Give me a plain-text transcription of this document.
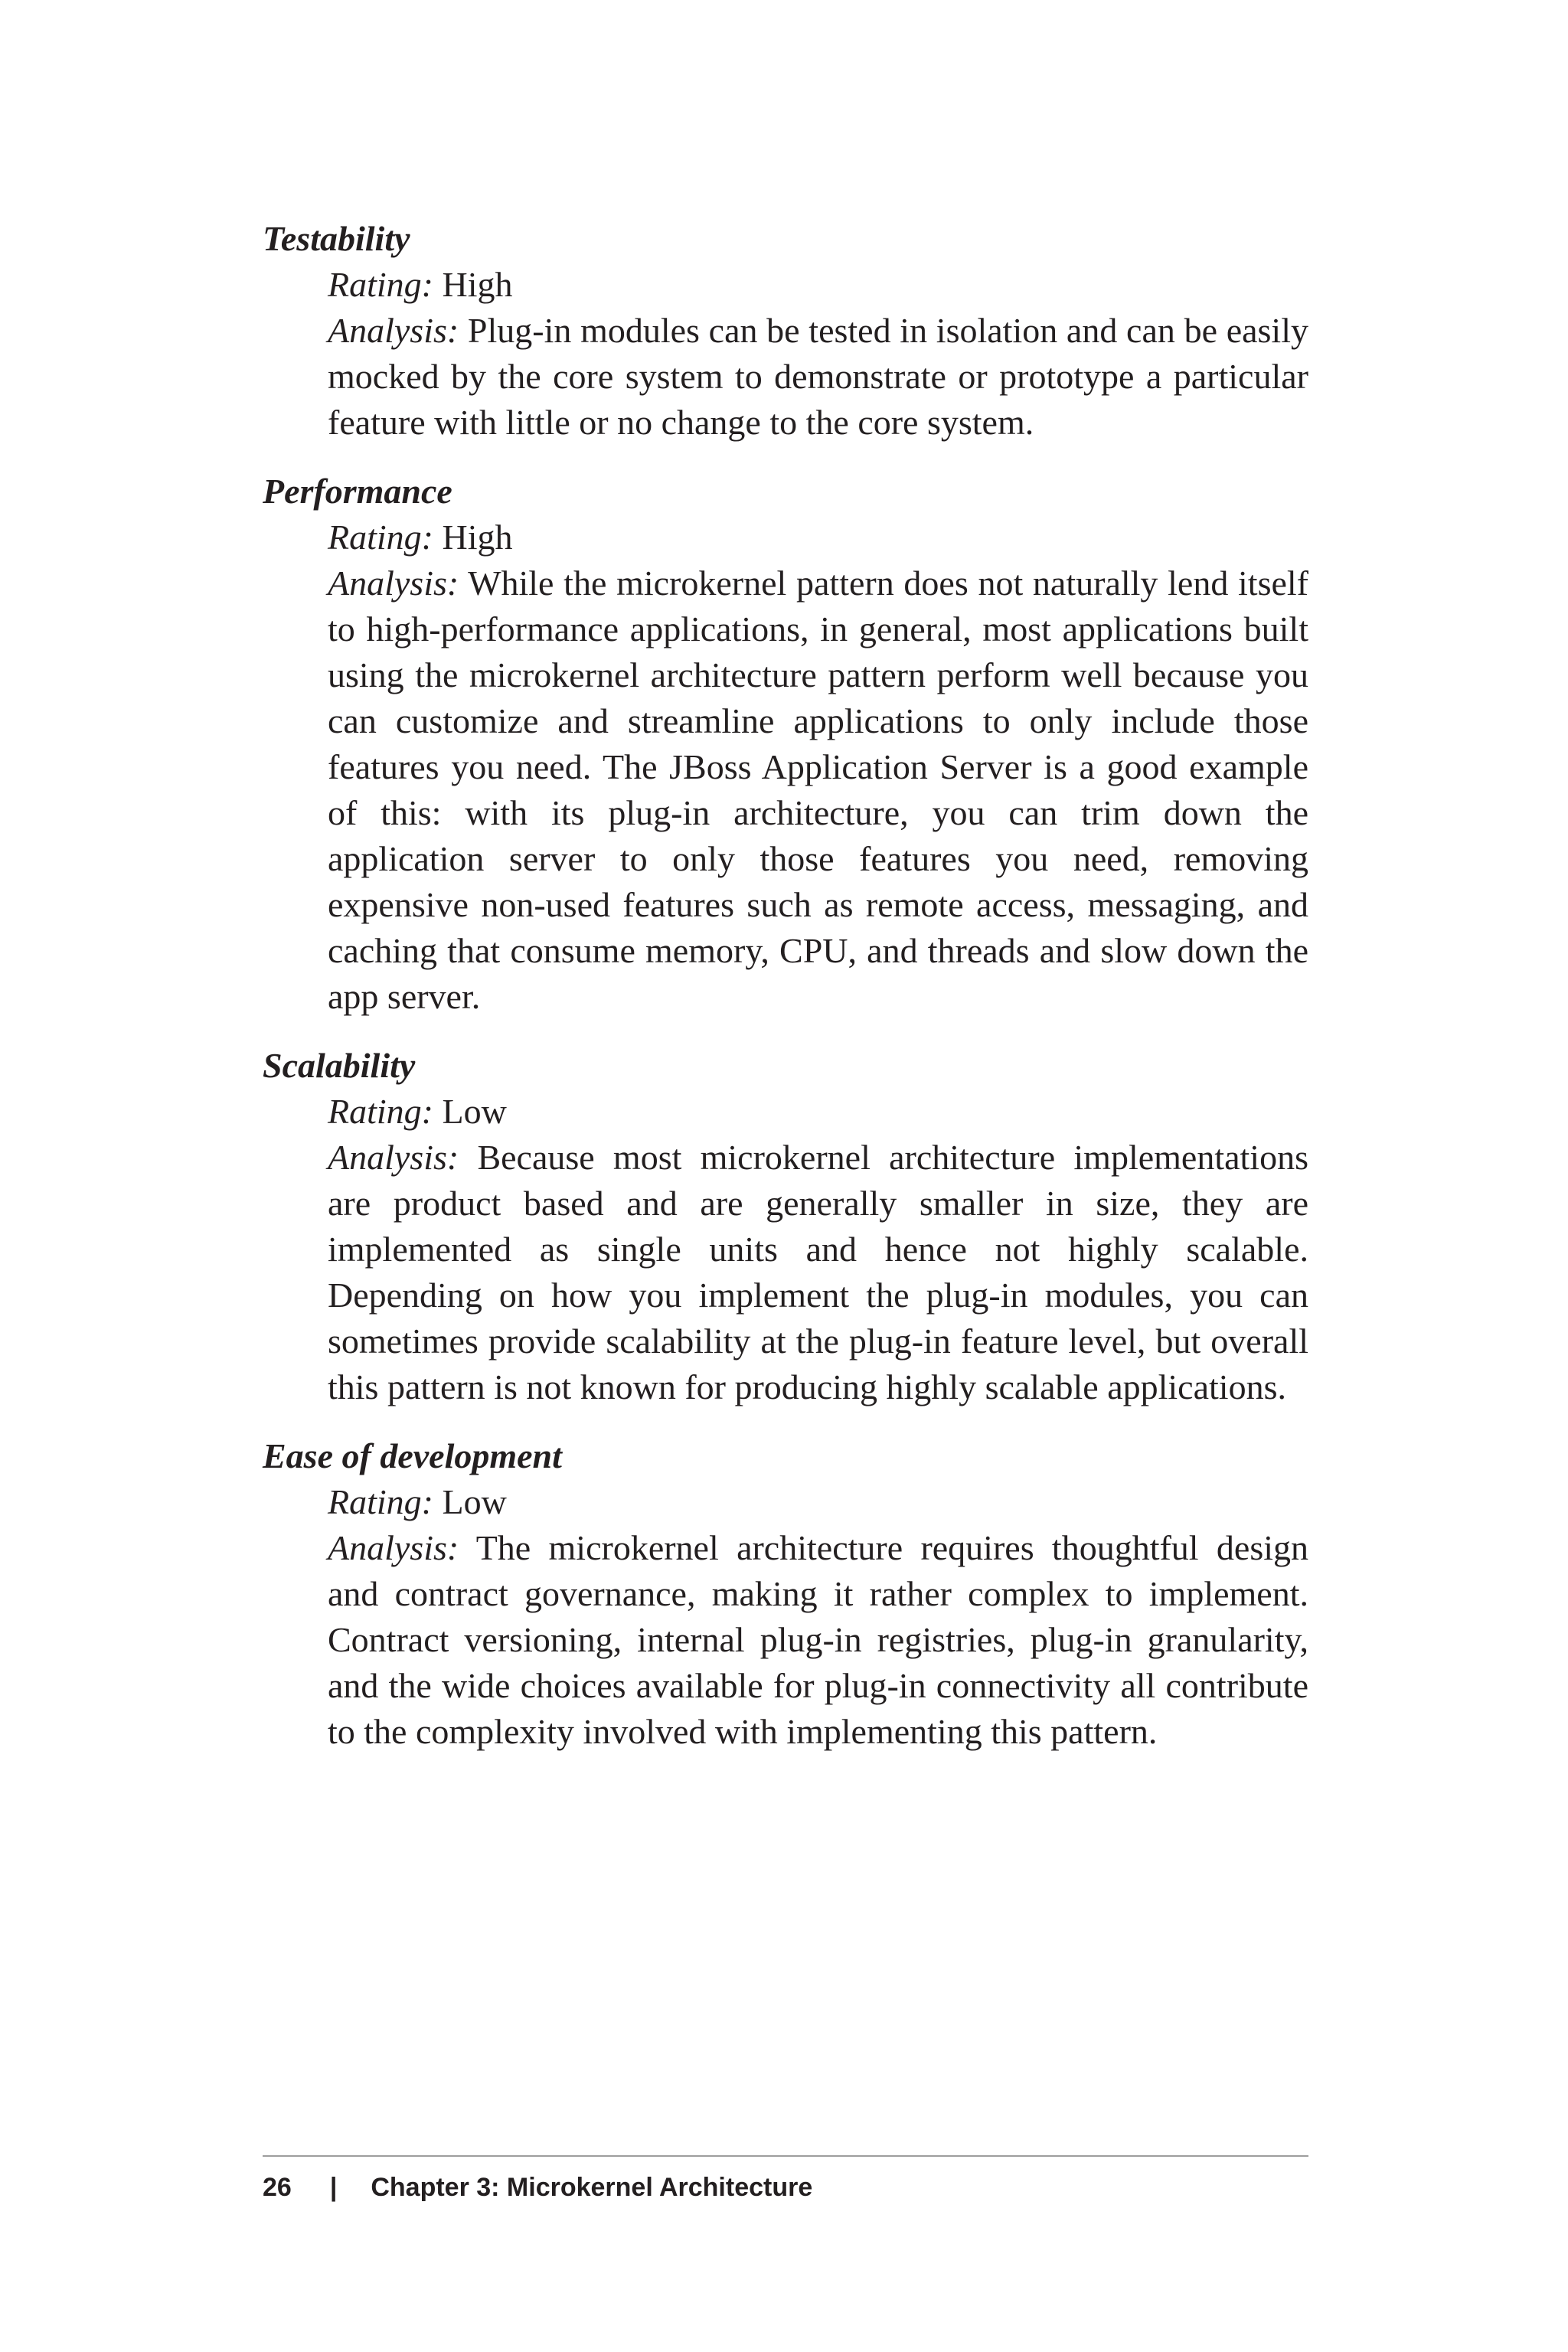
Testability
Rating: High
Analysis: Plug-in modules can be tested in isolation and can be easily mocked by the core system to demonstrate or prototype a particular feature with little or no change to the core system.
Performance
Rating: High
Analysis: While the microkernel pattern does not naturally lend itself to high-performance applications, in general, most applications built using the microkernel architecture pattern perform well because you can customize and streamline applications to only include those features you need. The JBoss Application Server is a good example of this: with its plug-in architecture, you can trim down the application server to only those features you need, removing expensive non-used features such as remote access, messaging, and caching that consume memory, CPU, and threads and slow down the app server.
Scalability
Rating: Low
Analysis: Because most microkernel architecture implementations are product based and are generally smaller in size, they are implemented as single units and hence not highly scalable. Depending on how you implement the plug-in modules, you can sometimes provide scalability at the plug-in feature level, but overall this pattern is not known for producing highly scalable applications.
Ease of development
Rating: Low
Analysis: The microkernel architecture requires thoughtful design and contract governance, making it rather complex to implement. Contract versioning, internal plug-in registries, plug-in granularity, and the wide choices available for plug-in connectivity all contribute to the complexity involved with implementing this pattern.
26 | Chapter 3: Microkernel Architecture
